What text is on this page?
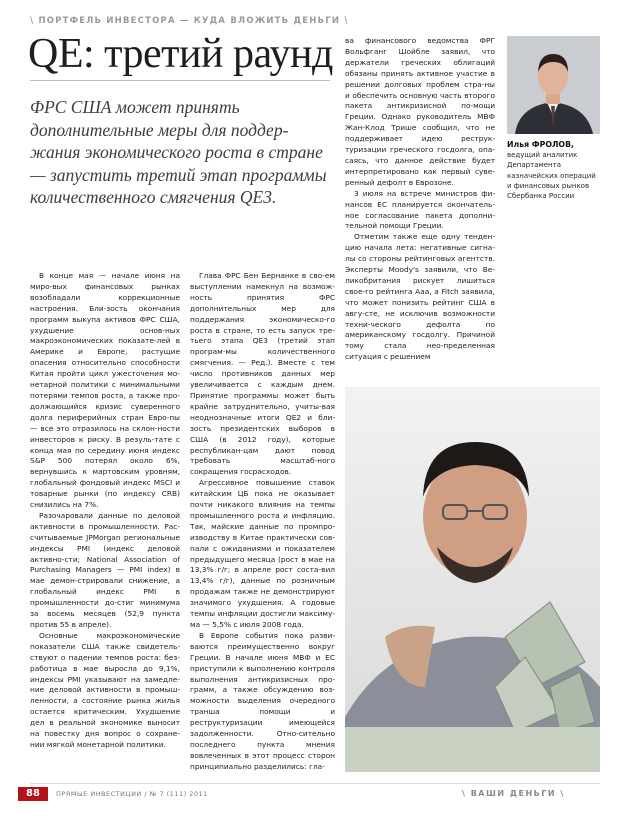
\ ПОРТФЕЛЬ ИНВЕСТОРА — КУДА ВЛОЖИТЬ ДЕНЬГИ \
QE: третий раунд
ФРС США может принять дополнительные меры для поддер-жания экономического роста в стране — запустить третий этап программы количественного смягчения QE3.

В конце мая — начале июня на миро-вых финансовых рынках возобладали коррекционные настроения. Бли-зость окончания программ выкупа активов ФРС США, ухудшение основ-ных макроэкономических показате-лей в Америке и Европе, растущие опасения относительно способности Китая пройти цикл ужесточения мо-нетарной политики с минимальными потерями темпов роста, а также про-должающийся кризис суверенного долга периферийных стран Евро-пы — все это отразилось на склон-ности инвесторов к риску. В резуль-тате с конца мая по середину июня индекс S&P 500 потерял около 6%, вернувшись к мартовским уровням, глобальный фондовый индекс MSCI и товарные рынки (по индексу CRB) снизились на 7%.

Разочаровали данные по деловой активности в промышленности. Рас-считываемые JPMorgan региональные индексы PMI (индекс деловой активно-сти; National Association of Purchasing Managers — PMI index) в мае демон-стрировали снижение, а глобальный индекс PMI в промышленности до-стиг минимума за восемь месяцев (52,9 пункта против 55 в апреле).

Основные макроэкономические показатели США также свидетель-ствуют о падении темпов роста: без-работица в мае выросла до 9,1%, индексы PMI указывают на замедле-ние деловой активности в промыш-ленности, а состояние рынка жилья остается критическим. Ухудшение дел в реальной экономике выносит на повестку дня вопрос о сохране-нии мягкой монетарной политики.

Глава ФРС Бен Бернанке в сво-ем выступлении намекнул на возмож-ность принятия ФРС дополнительных мер для поддержания экономическо-го роста в стране, то есть запуск тре-тьего этапа QE3 (третий этап програм-мы количественного смягчения. — Ред.). Вместе с тем число противников данных мер увеличивается с каждым днем. Принятие программы может быть крайне затруднительно, учиты-вая неоднозначные итоги QE2 и бли-зость президентских выборов в США (в 2012 году), которые республикан-цам дают повод требовать масштаб-ного сокращения госрасходов.

Агрессивное повышение ставок китайским ЦБ пока не оказывает почти никакого влияния на темпы промышленного роста и инфляцию. Так, майские данные по промпро-изводству в Китае практически сов-пали с ожиданиями и показателем предыдущего месяца (рост в мае на 13,3% г/г; в апреле рост соста-вил 13,4% г/г), данные по розничным продажам также не демонстрируют значимого ухудшения. А годовые темпы инфляции достигли максиму-ма — 5,5% с июля 2008 года.

В Европе события пока разви-ваются преимущественно вокруг Греции. В начале июня МВФ и ЕС приступили к выполнению контроля выполнения антикризисных про-грамм, а также обсуждению воз-можности выделения очередного транша помощи и реструктуризации имеющейся задолженности. Отно-сительно последнего пункта мнения вовлеченных в этот процесс сторон принципиально разделились: гла-

ва финансового ведомства ФРГ Вольфганг Шойбле заявил, что держатели греческих облигаций обязаны принять активное участие в решении долговых проблем стра-ны и обеспечить основную часть второго пакета антикризисной по-мощи Греции. Однако руководитель МВФ Жан-Клод Трише сообщил, что не поддерживает идею реструк-туризации греческого госдолга, опа-саясь, что данное действие будет интерпретировано как первый суве-ренный дефолт в Еврозоне.

3 июля на встрече министров фи-нансов ЕС планируется окончатель-ное согласование пакета дополни-тельной помощи Греции.

Отметим также еще одну тенден-цию начала лета: негативные сигна-лы со стороны рейтинговых агентств. Эксперты Moody's заявили, что Ве-ликобритания рискует лишиться свое-го рейтинга Ааа, а Fitch заявила, что может понизить рейтинг США в авгу-сте, не исключив возможности техни-ческого дефолта по американскому госдолгу. Причиной тому стала нео-пределенная ситуация с решением

Илья ФРОЛОВ,
ведущий аналитик Департамента казначейских операций и финансовых рынков Сбербанка России
88	ПРЯМЫЕ ИНВЕСТИЦИИ / № 7 (111) 2011	\ ВАШИ ДЕНЬГИ \
